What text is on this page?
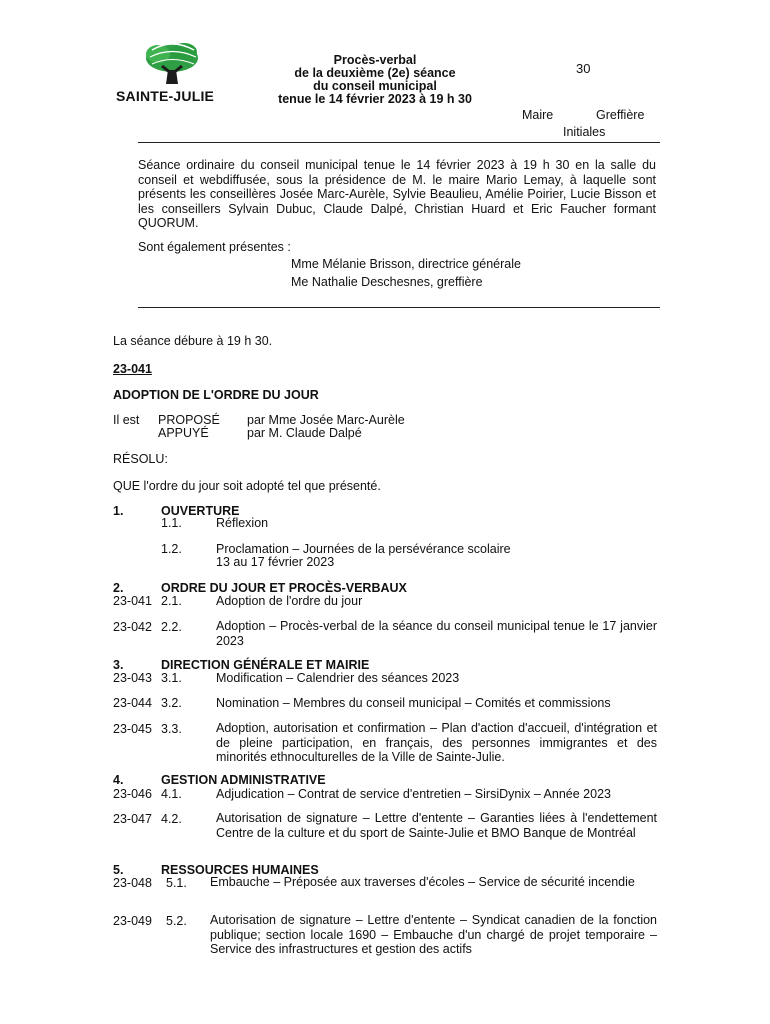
SAINTE-JULIE
Procès-verbal
de la deuxième (2e) séance
du conseil municipal
tenue le 14 février 2023 à 19 h 30
30
Maire	Greffière
Initiales
Séance ordinaire du conseil municipal tenue le 14 février 2023 à 19 h 30 en la salle du conseil et webdiffusée, sous la présidence de M. le maire Mario Lemay, à laquelle sont présents les conseillères Josée Marc-Aurèle, Sylvie Beaulieu, Amélie Poirier, Lucie Bisson et les conseillers Sylvain Dubuc, Claude Dalpé, Christian Huard et Eric Faucher formant QUORUM.
Sont également présentes :
Mme Mélanie Brisson, directrice générale
Me Nathalie Deschesnes, greffière
La séance débure à 19 h 30.
23-041
ADOPTION DE L'ORDRE DU JOUR
Il est PROPOSÉ par Mme Josée Marc-Aurèle
APPUYÉ	par M. Claude Dalpé
RÉSOLU:
QUE l'ordre du jour soit adopté tel que présenté.
1.	OUVERTURE
1.1.	Réflexion
1.2.	Proclamation – Journées de la persévérance scolaire
13 au 17 février 2023
2.	ORDRE DU JOUR ET PROCÈS-VERBAUX
23-041 2.1.	Adoption de l'ordre du jour
23-042 2.2.	Adoption – Procès-verbal de la séance du conseil municipal tenue le 17 janvier 2023
3.	DIRECTION GÉNÉRALE ET MAIRIE
23-043 3.1.	Modification – Calendrier des séances 2023
23-044 3.2.	Nomination – Membres du conseil municipal – Comités et commissions
23-045 3.3.	Adoption, autorisation et confirmation – Plan d'action d'accueil, d'intégration et de pleine participation, en français, des personnes immigrantes et des minorités ethnoculturelles de la Ville de Sainte-Julie.
4.	GESTION ADMINISTRATIVE
23-046 4.1.	Adjudication – Contrat de service d'entretien – SirsiDynix – Année 2023
23-047 4.2.	Autorisation de signature – Lettre d'entente – Garanties liées à l'endettement Centre de la culture et du sport de Sainte-Julie et BMO Banque de Montréal
5.	RESSOURCES HUMAINES
23-048 5.1. Embauche – Préposée aux traverses d'écoles – Service de sécurité incendie
23-049 5.2. Autorisation de signature – Lettre d'entente – Syndicat canadien de la fonction publique; section locale 1690 – Embauche d'un chargé de projet temporaire – Service des infrastructures et gestion des actifs
